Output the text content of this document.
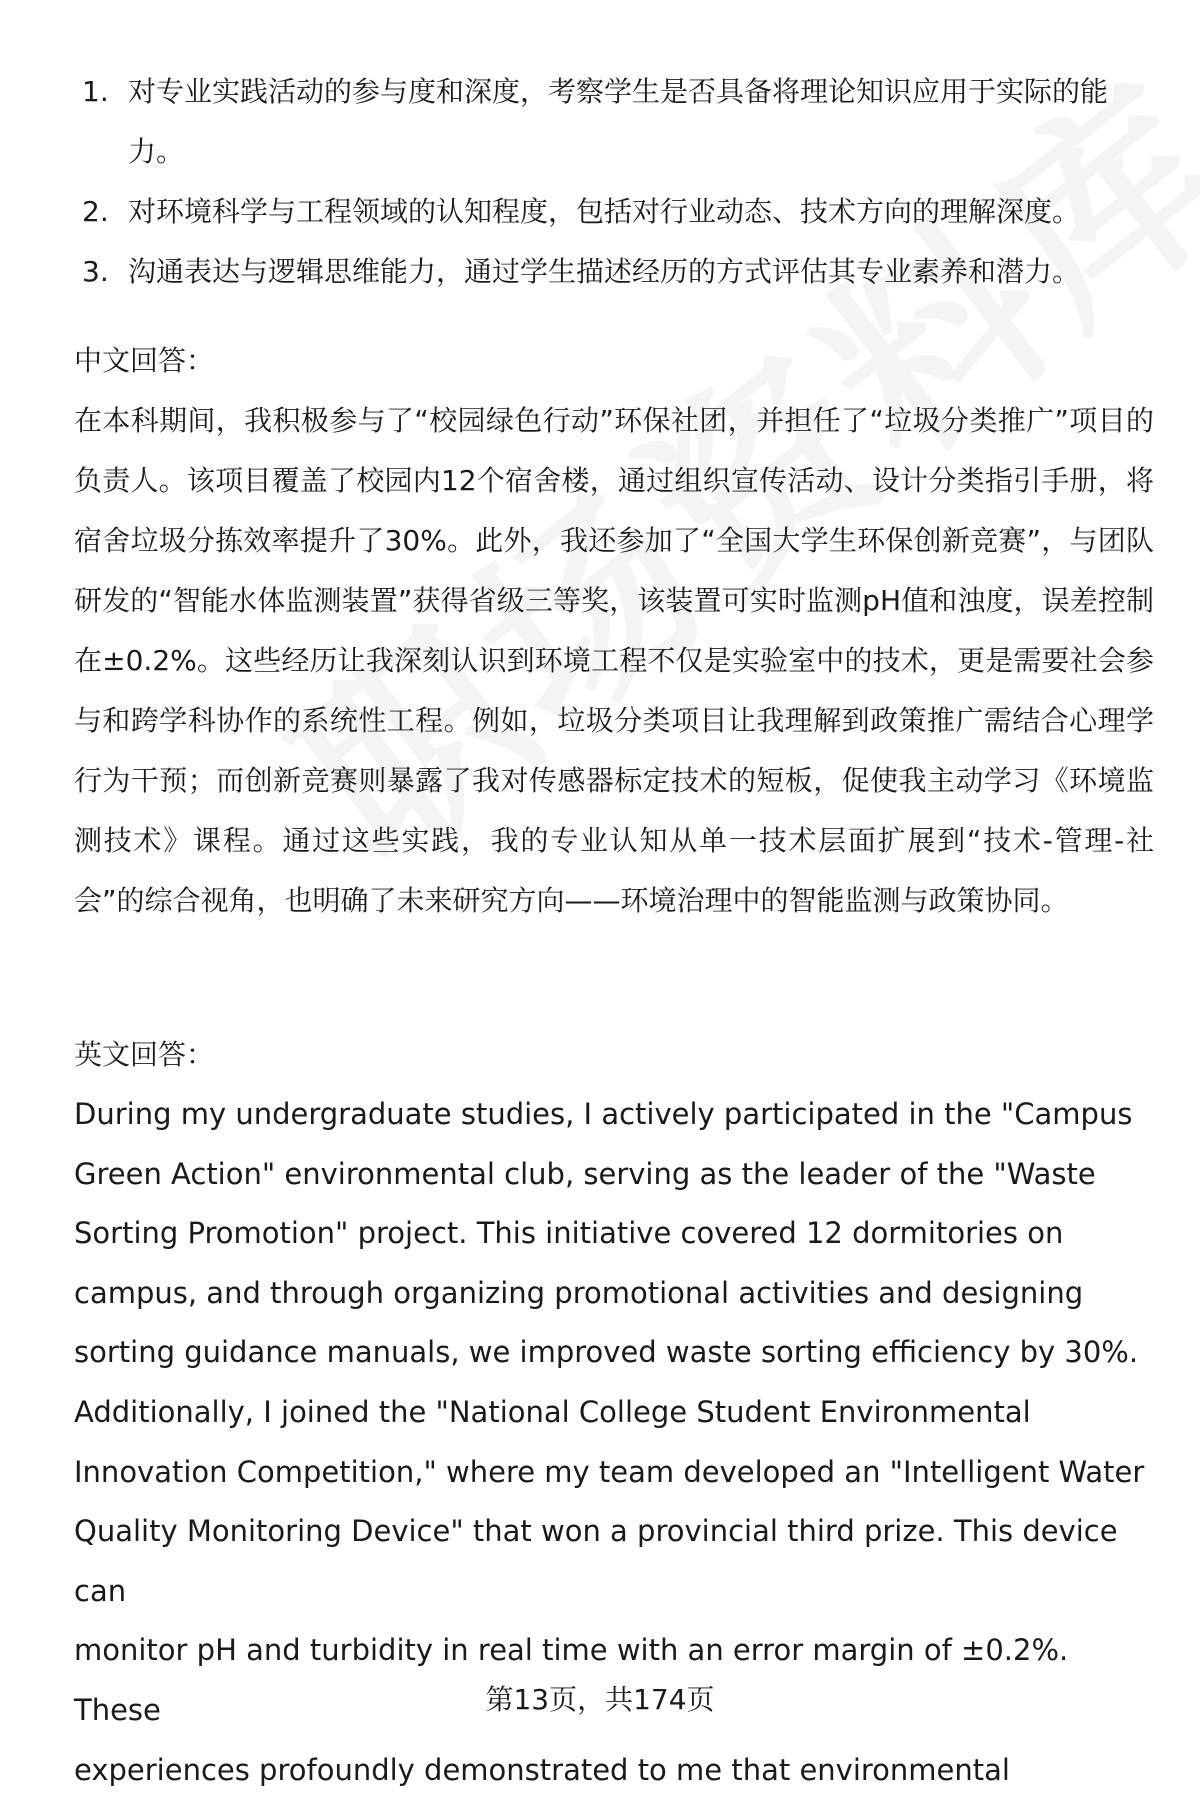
1. 对专业实践活动的参与度和深度，考察学生是否具备将理论知识应用于实际的能力。
2. 对环境科学与工程领域的认知程度，包括对行业动态、技术方向的理解深度。
3. 沟通表达与逻辑思维能力，通过学生描述经历的方式评估其专业素养和潜力。
中文回答：
在本科期间，我积极参与了“校园绿色行动”环保社团，并担任了“垃圾分类推广”项目的负责人。该项目覆盖了校园内12个宿舍楼，通过组织宣传活动、设计分类指引手册，将宿舍垃圾分拣效率提升了30%。此外，我还参加了“全国大学生环保创新竞赛”，与团队研发的“智能水体监测装置”获得省级三等奖，该装置可实时监测pH值和浊度，误差控制在±0.2%。这些经历让我深刻认识到环境工程不仅是实验室中的技术，更是需要社会参与和跨学科协作的系统性工程。例如，垃圾分类项目让我理解到政策推广需结合心理学行为干预；而创新竞赛则暴露了我对传感器标定技术的短板，促使我主动学习《环境监测技术》课程。通过这些实践，我的专业认知从单一技术层面扩展到“技术-管理-社会”的综合视角，也明确了未来研究方向——环境治理中的智能监测与政策协同。
英文回答：
During my undergraduate studies, I actively participated in the "Campus
Green Action" environmental club, serving as the leader of the "Waste
Sorting Promotion" project. This initiative covered 12 dormitories on
campus, and through organizing promotional activities and designing
sorting guidance manuals, we improved waste sorting efficiency by 30%.
Additionally, I joined the "National College Student Environmental
Innovation Competition," where my team developed an "Intelligent Water
Quality Monitoring Device" that won a provincial third prize. This device can
monitor pH and turbidity in real time with an error margin of ±0.2%. These
experiences profoundly demonstrated to me that environmental
第13页，共174页
